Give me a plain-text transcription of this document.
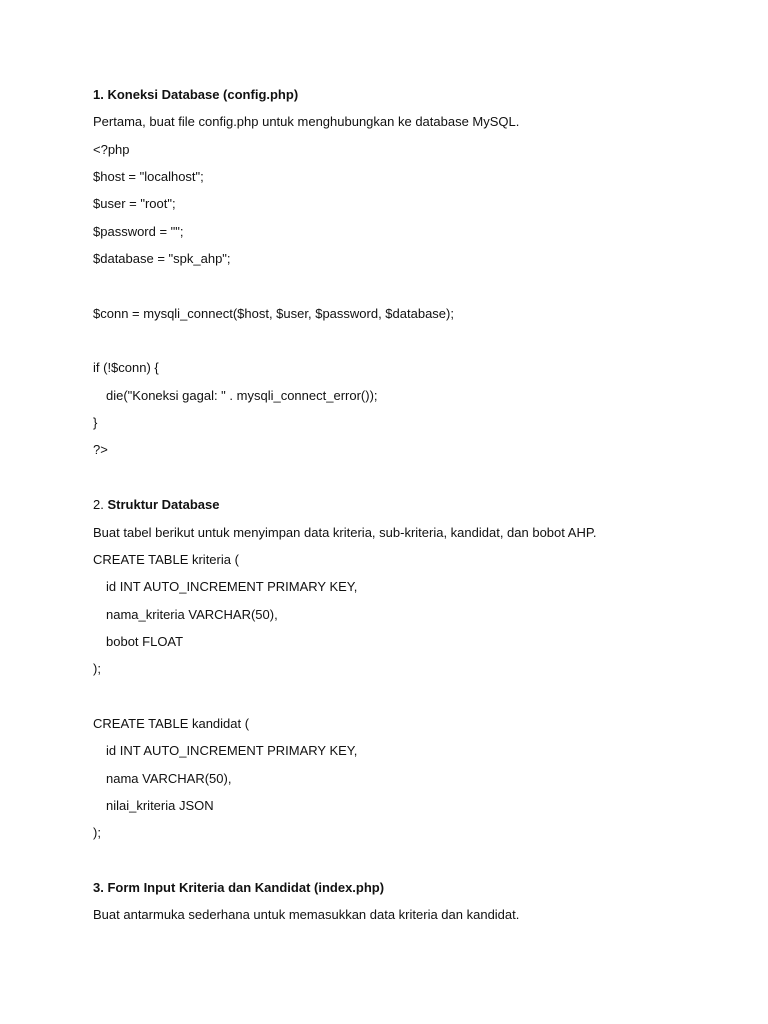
1. Koneksi Database (config.php)
Pertama, buat file config.php untuk menghubungkan ke database MySQL.
<?php
$host = "localhost";
$user = "root";
$password = "";
$database = "spk_ahp";
$conn = mysqli_connect($host, $user, $password, $database);
if (!$conn) {
die("Koneksi gagal: " . mysqli_connect_error());
}
?>
2. Struktur Database
Buat tabel berikut untuk menyimpan data kriteria, sub-kriteria, kandidat, dan bobot AHP.
CREATE TABLE kriteria (
id INT AUTO_INCREMENT PRIMARY KEY,
nama_kriteria VARCHAR(50),
bobot FLOAT
);
CREATE TABLE kandidat (
id INT AUTO_INCREMENT PRIMARY KEY,
nama VARCHAR(50),
nilai_kriteria JSON
);
3. Form Input Kriteria dan Kandidat (index.php)
Buat antarmuka sederhana untuk memasukkan data kriteria dan kandidat.
